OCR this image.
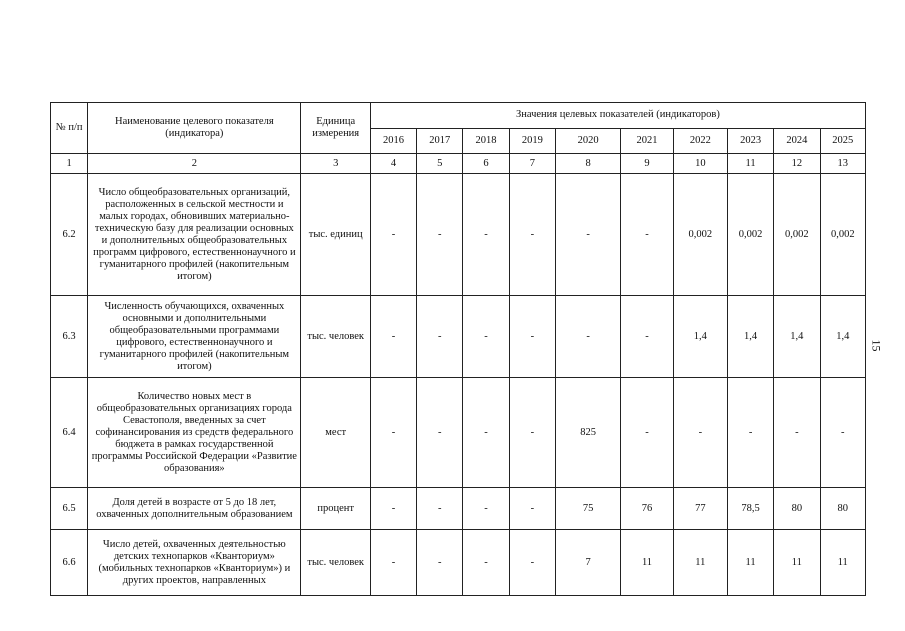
№ п/п	Наименование целевого показателя (индикатора)	Единица измерения	Значения целевых показателей (индикаторов)									
			2016	2017	2018	2019	2020	2021	2022	2023	2024	2025
1	2	3	4	5	6	7	8	9	10	11	12	13
6.2	Число общеобразовательных организаций, расположенных в сельской местности и малых городах, обновивших материально-техническую базу для реализации основных и дополнительных общеобразовательных программ цифрового, естественнонаучного и гуманитарного профилей (накопительным итогом)	тыс. единиц	-	-	-	-	-	-	0,002	0,002	0,002	0,002
6.3	Численность обучающихся, охваченных основными и дополнительными общеобразовательными программами цифрового, естественнонаучного и гуманитарного профилей (накопительным итогом)	тыс. человек	-	-	-	-	-	-	1,4	1,4	1,4	1,4
6.4	Количество новых мест в общеобразовательных организациях города Севастополя, введенных за счет софинансирования из средств федерального бюджета в рамках государственной программы Российской Федерации «Развитие образования»	мест	-	-	-	-	825	-	-	-	-	-
6.5	Доля детей в возрасте от 5 до 18 лет, охваченных дополнительным образованием	процент	-	-	-	-	75	76	77	78,5	80	80
6.6	Число детей, охваченных деятельностью детских технопарков «Кванториум» (мобильных технопарков «Кванториум») и других проектов, направленных	тыс. человек	-	-	-	-	7	11	11	11	11	11
15
